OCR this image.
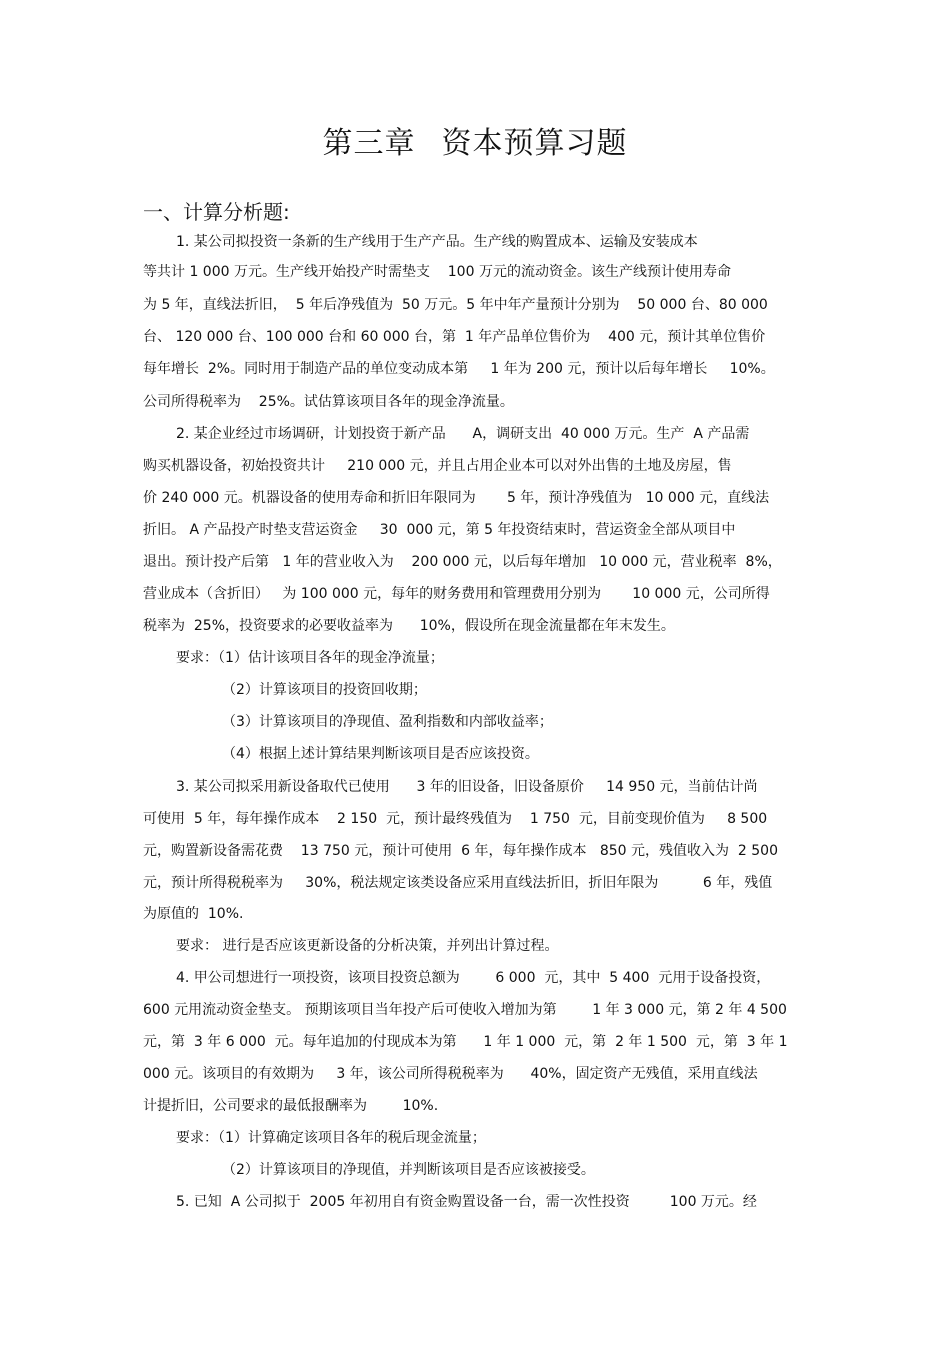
第三章 资本预算习题
一、计算分析题:
1. 某公司拟投资一条新的生产线用于生产产品。生产线的购置成本、运输及安装成本
等共计 1 000 万元。生产线开始投产时需垫支    100 万元的流动资金。该生产线预计使用寿命
为 5 年，直线法折旧，  5 年后净残值为  50 万元。5 年中年产量预计分别为    50 000 台、80 000
台、 120 000 台、100 000 台和 60 000 台，第  1 年产品单位售价为    400 元，预计其单位售价
每年增长  2%。同时用于制造产品的单位变动成本第     1 年为 200 元，预计以后每年增长     10%。
公司所得税率为    25%。试估算该项目各年的现金净流量。
2. 某企业经过市场调研，计划投资于新产品      A，调研支出  40 000 万元。生产  A 产品需
购买机器设备，初始投资共计     210 000 元，并且占用企业本可以对外出售的土地及房屋，售
价 240 000 元。机器设备的使用寿命和折旧年限同为       5 年，预计净残值为   10 000 元，直线法
折旧。 A 产品投产时垫支营运资金     30  000 元，第 5 年投资结束时，营运资金全部从项目中
退出。预计投产后第   1 年的营业收入为    200 000 元，以后每年增加   10 000 元，营业税率  8%，
营业成本（含折旧）   为 100 000 元，每年的财务费用和管理费用分别为       10 000 元，公司所得
税率为  25%，投资要求的必要收益率为      10%，假设所在现金流量都在年末发生。
要求：（1）估计该项目各年的现金净流量；
（2）计算该项目的投资回收期；
（3）计算该项目的净现值、盈利指数和内部收益率；
（4）根据上述计算结果判断该项目是否应该投资。
3. 某公司拟采用新设备取代已使用      3 年的旧设备，旧设备原价     14 950 元，当前估计尚
可使用  5 年，每年操作成本    2 150  元，预计最终残值为    1 750  元，目前变现价值为     8 500
元，购置新设备需花费    13 750 元，预计可使用  6 年，每年操作成本   850 元，残值收入为  2 500
元，预计所得税税率为     30%，税法规定该类设备应采用直线法折旧，折旧年限为          6 年，残值
为原值的  10%.
要求： 进行是否应该更新设备的分析决策，并列出计算过程。
4. 甲公司想进行一项投资，该项目投资总额为        6 000  元，其中  5 400  元用于设备投资，
600 元用流动资金垫支。 预期该项目当年投产后可使收入增加为第        1 年 3 000 元，第 2 年 4 500
元，第  3 年 6 000  元。每年追加的付现成本为第      1 年 1 000  元，第  2 年 1 500  元，第  3 年 1
000 元。该项目的有效期为     3 年，该公司所得税税率为      40%，固定资产无残值，采用直线法
计提折旧，公司要求的最低报酬率为        10%.
要求：（1）计算确定该项目各年的税后现金流量；
（2）计算该项目的净现值，并判断该项目是否应该被接受。
5. 已知  A 公司拟于  2005 年初用自有资金购置设备一台，需一次性投资         100 万元。经
